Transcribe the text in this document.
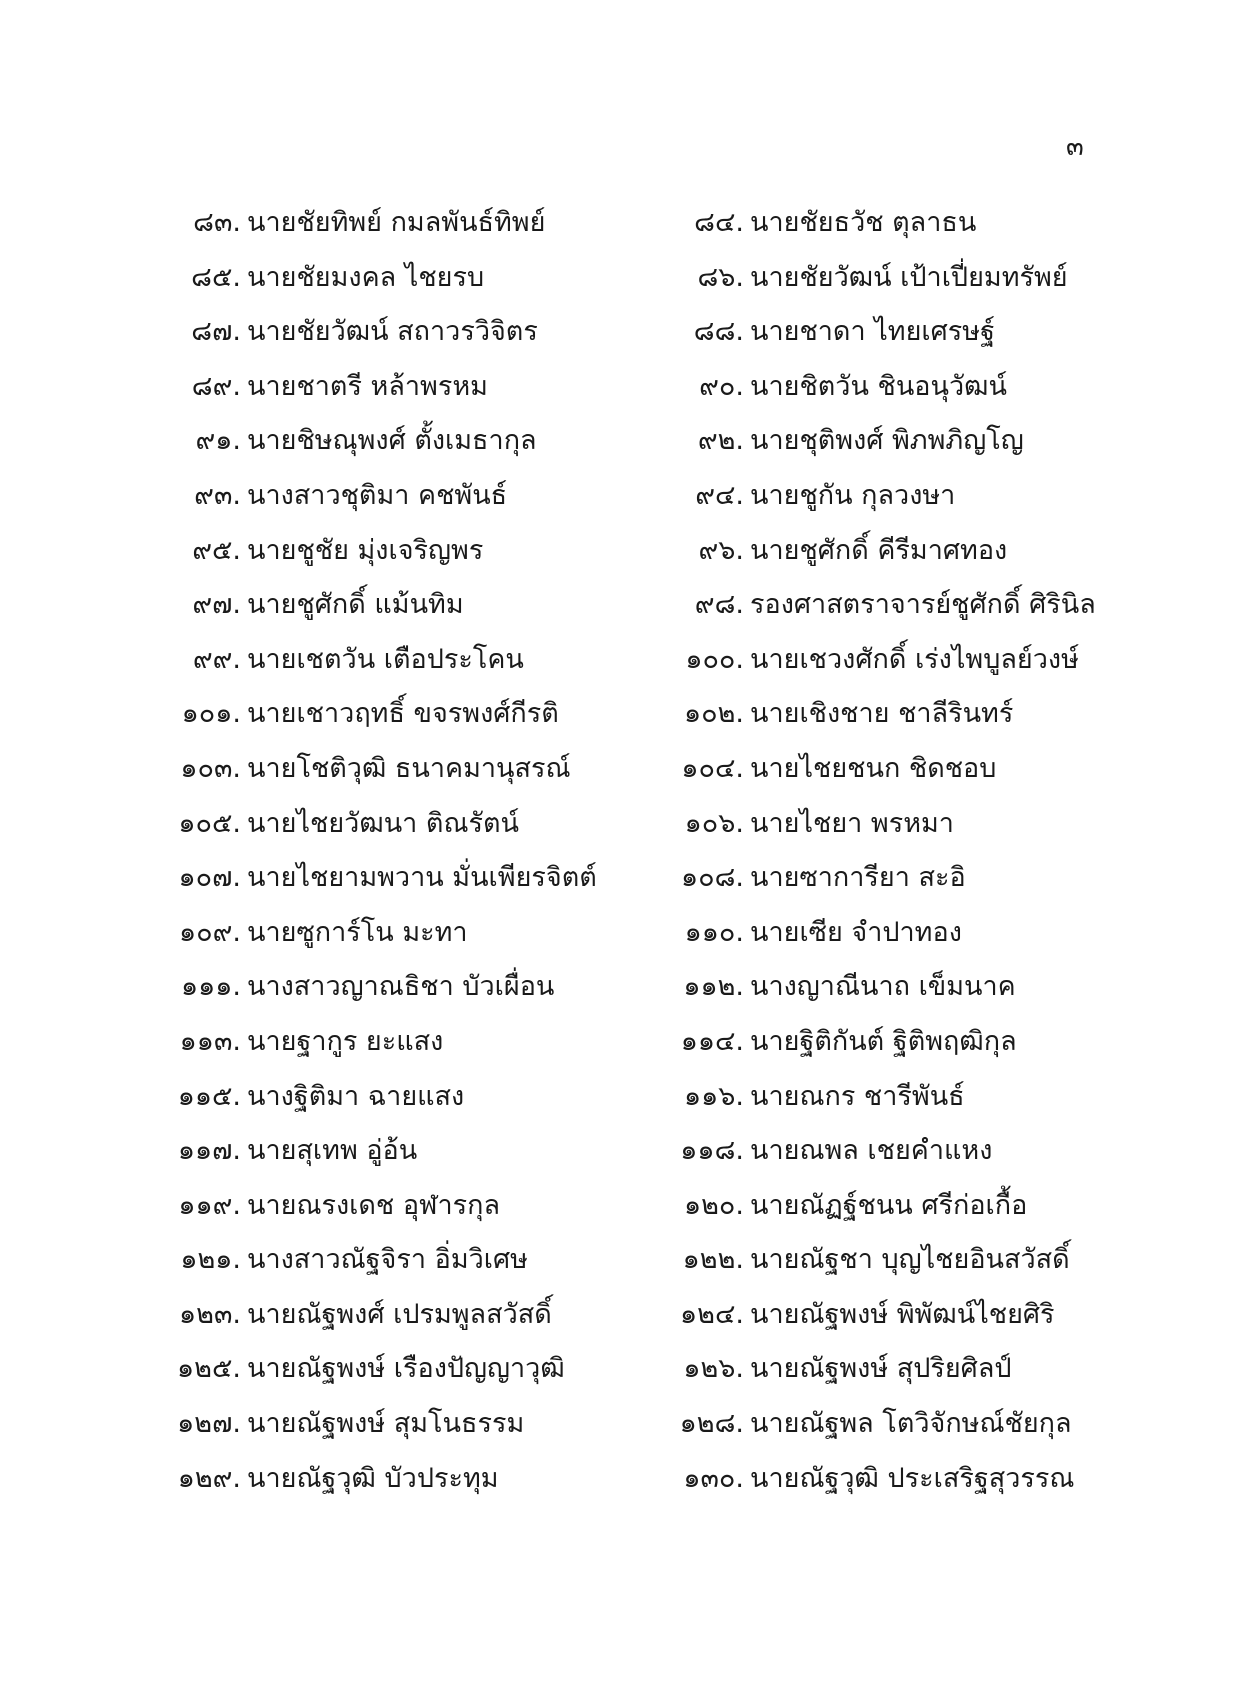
๓
๘๓. นายชัยทิพย์ กมลพันธ์ทิพย์	๘๔. นายชัยธวัช ตุลาธน
๘๕. นายชัยมงคล ไชยรบ	๘๖. นายชัยวัฒน์ เป้าเปี่ยมทรัพย์
๘๗. นายชัยวัฒน์ สถาวรวิจิตร	๘๘. นายชาดา ไทยเศรษฐ์
๘๙. นายชาตรี หล้าพรหม	๙๐. นายชิตวัน ชินอนุวัฒน์
๙๑. นายชิษณุพงศ์ ตั้งเมธากุล	๙๒. นายชุติพงศ์ พิภพภิญโญ
๙๓. นางสาวชุติมา คชพันธ์	๙๔. นายชูกัน กุลวงษา
๙๕. นายชูชัย มุ่งเจริญพร	๙๖. นายชูศักดิ์ คีรีมาศทอง
๙๗. นายชูศักดิ์ แม้นทิม	๙๘. รองศาสตราจารย์ชูศักดิ์ ศิรินิล
๙๙. นายเชตวัน เตือประโคน	๑๐๐. นายเชวงศักดิ์ เร่งไพบูลย์วงษ์
๑๐๑. นายเชาวฤทธิ์ ขจรพงศ์กีรติ	๑๐๒. นายเชิงชาย ชาลีรินทร์
๑๐๓. นายโชติวุฒิ ธนาคมานุสรณ์	๑๐๔. นายไชยชนก ชิดชอบ
๑๐๕. นายไชยวัฒนา ติณรัตน์	๑๐๖. นายไชยา พรหมา
๑๐๗. นายไชยามพวาน มั่นเพียรจิตต์	๑๐๘. นายซาการียา สะอิ
๑๐๙. นายซูการ์โน มะทา	๑๑๐. นายเซีย จำปาทอง
๑๑๑. นางสาวญาณธิชา บัวเผื่อน	๑๑๒. นางญาณีนาถ เข็มนาค
๑๑๓. นายฐากูร ยะแสง	๑๑๔. นายฐิติกันต์ ฐิติพฤฒิกุล
๑๑๕. นางฐิติมา ฉายแสง	๑๑๖. นายณกร ชารีพันธ์
๑๑๗. นายสุเทพ อู่อ้น	๑๑๘. นายณพล เชยคำแหง
๑๑๙. นายณรงเดช อุฬารกุล	๑๒๐. นายณัฏฐ์ชนน ศรีก่อเกื้อ
๑๒๑. นางสาวณัฐจิรา อิ่มวิเศษ	๑๒๒. นายณัฐชา บุญไชยอินสวัสดิ์
๑๒๓. นายณัฐพงศ์ เปรมพูลสวัสดิ์	๑๒๔. นายณัฐพงษ์ พิพัฒน์ไชยศิริ
๑๒๕. นายณัฐพงษ์ เรืองปัญญาวุฒิ	๑๒๖. นายณัฐพงษ์ สุปริยศิลป์
๑๒๗. นายณัฐพงษ์ สุมโนธรรม	๑๒๘. นายณัฐพล โตวิจักษณ์ชัยกุล
๑๒๙. นายณัฐวุฒิ บัวประทุม	๑๓๐. นายณัฐวุฒิ ประเสริฐสุวรรณ
